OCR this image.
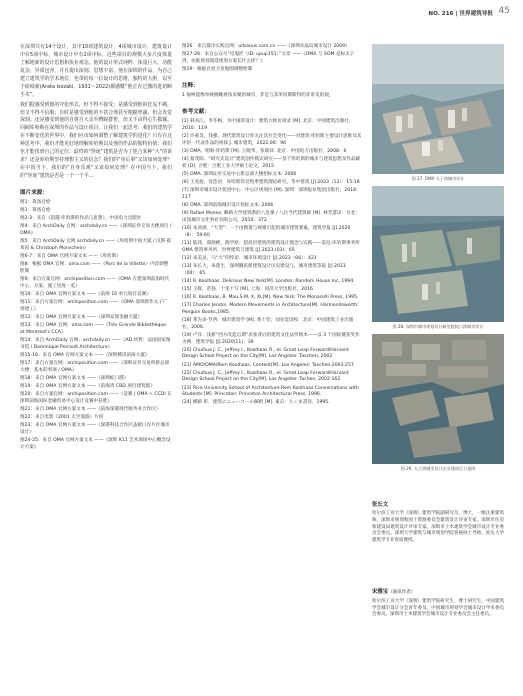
NO. 216 | 世界建筑导报 45

在深圳共有14个设计，其中10项建筑设计，4项城市设计，建筑设计中有5项中标，城市设计中有2项中标，这些项目的规模大多尺度体量了解地新的设计思想和执业观念。他的设计形式纯粹、体量巨大、功能复杂，异质包容，并且提出深刻、思想丰富。他在深圳的作品，为自己建立建筑学的学术地位，也带给每一位设计的思维，独特的大胆，以至于矶崎新(Arata Isozaki，1931～2022)都感慨“他正在过激的进切断手术”。

我们据感受到他的夸张形式，但不得不接受；是感受到他的狂妄不羁，但又不得不信服；有时是感受到他的不甚合理甚至粗糙卑鄙，但会发觉深刻；还是感受到他的自尊自大盖至睥睨群伦，但又不由得心生敬佩。回顾库哈斯在深圳的作品与设计项目，让我们一起思考：我们的建筑学在不断变化的世界中，我们应该如何调整了解建筑学的进化？只有在这种思考中，我们才能更好地理解库哈斯以及他的作品的独特价值；我们也才能找到自己的定位；最终的“怪诞”建筑是否为了迎合某种“大”的诉求？还是库哈斯坚持理想主义的信念？我们的“身后事”又该如何处理？在中国当下，我们的“自身乐观”又该如何处理？在中国当下，我们的“怪诞”建筑是否是一个一个平...

图片来源：
图1：筹备自绘
图1：筹备自绘
图2-3：来自《超越·库哈斯的作品与思想》，中国电力出版社
图4：来自 ArchDaily 官网：archdaily.cn ——《深圳证券交易大楼项目 / OMA》
图5：来自 ArchDaily 官网 archdaily.cn ——《库哈斯中国大厦 / 汉斯·霍莱因 & Christoph Monschein》
图6-7：来自 OMA 官网方案文本 ——《库哈斯》
图8：根据 OMA 官网：oma.com ——《Parc de la Villette》内容调整绘制
图9：来自方案官网：archiposition.com ——《OMA 在建深圳前海时代中心、方案、施工进度一览》
图10：来自 OMA 官网方案文本 ——《前海 10 单元项目竞赛》
图11：来自方案官网：archiposition.com ——《OMA 深圳新作太子广场建工》
图12：来自 OMA 官网方案文本 ——《深圳安保金融大厦》
图13：来自 OMA 官网：oma.com ——《Très Grande Bibliothèque at Montreal's CCA》
图14：来自 ArchDaily 官网：archdaily.cn ——《AD 经典：法国国家图书馆 / Dominique Perrault Architecture》
图15-16：来自 OMA 官网方案文本 ——《深圳腾讯滨海大厦》
图17：来自方案官网：archiposition.com ——《深圳证券交易所新总部大楼：基本的事项 / OMA》
图18：来自 OMA 官网方案文本 ——《深圳蛇口港》
图19：来自 OMA 官网方案文本 ——《前海湾 CBD 项目建筑群》
图20：来自方案官网：archiposition.com ——《竞赛 | OMA + CCDI 在深圳前海国际金融贸易中心设计竞赛中获胜》
图21：来自 OMA 官网方案文本 ——《前海深港现代服务业合作区》
图22：来自电影《2001 太空漫游》片段
图23：来自 OMA 官网方案文本 ——《深港科技合作区盖板口岸片区城市设计》
图24-25：来自 OMA 官网方案文本 ——《深圳 K11 艺术商场中心概念设计方案》
图26：来自都市实践官网：urbanus.com.cn ——《深圳水晶岛城市设计 2009》
图27-28：来自公众号“电鬼匠（ID: upup151）”文章 ——《OMA 与 SOM 竞标太子湾，由谁规划漫延规划方案长什么样？》
图29：根据百度卫星地图调整绘制
注释：
1 福柯提像单被俯瞰视角来聚的城市，非是与其所同期新特的非审美的观。
参考文献：
[1] 韩书江，李冬梅，为中国的设计：建筑大师访谈录 [M]. 北京：中国建筑出版社，2010：119
[2] 许蒙昊，钱强，现代建筑设计库关注其社会变化——对建筑·库哈斯主要设计思维及其评价一代表作品的初探 J. 城市建筑，2022.06：96
[3] OMA，唱韩·库哈斯 [M]. 王晓华，张锦译. 北京：中国电力出版社，2008：6
[4] 蔡茂阳．“研究式设计”建筑创作模式研究——基于库哈斯的城市与建筑思想及作品解析 [D]. 合肥：合肥工业大学硕士论文，2015
[5] OMA. 深圳证券交易中心新总部大楼招标文本: 2006
[6] 王宠旋，沈范语．库哈斯的反叛季建筑理论研究，华中建筑 [J].2023（12）：15-18
[7] 深圳市城市设计促进中心．中心区规划区 [M]. 深圳：深圳报业集团出版社，2018：117
[8] OMA. 深圳前海城市设计投标文本: 2006
[9] Rafael Moneo. 略路大学建筑系的八堂课 / 八位当代建筑师 [M]. 林芳慧译．台北：田园城市文化事业有限公司，2010：372
[10] 朱涛展．“大型”：一个由数量与规模引起的城市建筑要素，建筑学报 [J].2020（8）：59-60
[11] 陆玮，邵晓彬，陶学原．超高层建筑的建筑设计理念与实践——雷尼·库哈斯事务所 OMA 建筑事务所．世界建筑与建筑 [J].2023.(03)：65
[12] 朱美灵，马“大”的悖论．城市环境设计 [J].2023（06）：421
[13] 朱长大，朱莲生．深圳腾讯新建筑设计历史建设与，城市建筑等报 [J].2023（04）：65
[14] R. Koolhaas. Delirious New York[M]. London: Random House Inc, 1994.
[15] 王晖，范扬．十里十写 [M]. 上海：同济大学出版社，2016.
[16] R. Koolhaas, B. Mau.S.M, X, XL[M]. New York: The Monacelli Press, 1995.
[17] Charles Jencks. Modern Movements in Architecture[M]. Harmondsworth: Penguin Books,1985.
[18] 邦为多·罗西．城市建筑学 [M]. 黄士钧，刘先觉译校．北京：中国建筑工业出版社，2006.
[19] 卢洋．浅析“西方改造后期”表象背后的建筑文化法传统术——以 3 个国际赛获奖作为例．建筑学报 [J].2020(11)：39
[20] Chuihua J. C., Jeffrey I., Koolhaas R., el. Great Leap Forward/Harvard Design School Project on the City[M]. Los Angeles: Taschen, 2002
[21] AMO/OMA/Rem Koolhaas. Content[M]. Los Angeles: Taschen,2003:257.
[22] Chuihua J. C., Jeffrey I., Koolhaas R., el. Great Leap Forward/Harvard Design School Project on the City[M]. Los Angeles: Tachen, 2002:162.
[23] Rice University School of Architecture.Rem Koolhaas Conversations with Students [M]. Princeton: Princeton Architectural Press, 1996.
[24] 横路 彰．建筑のニューコーの解釈 [M]. 東京：ちくま書房，1995.
图 27. OMA 太子湾城市设计
图 28. 深圳市城市规划设计研究院蛇口湾城市设计
图 29. 太子湾城市设计出实建成后卫星图
张长文

哈尔滨工业大学（深圳）建筑学院副研究员、博士，一级注册建筑师。深圳市规划和国土资源委员会建筑设计评审专家。深圳市住房和建设局建筑设计评审专家。深圳市土木建筑学会城市设计专业委员会委员。深圳大学建筑与城市规划学院客座硕士导师。汕头大学建筑学专业客座教授。

宋雅宝（通讯作者）

哈尔滨工业大学（深圳）建筑学院研究生，博士研究生，中国建筑学会城市设计分会青年委员。中国城市规划学会城市设计学术委员会委员。深圳市土木建筑学会城市设计专业委员会主任委员。
